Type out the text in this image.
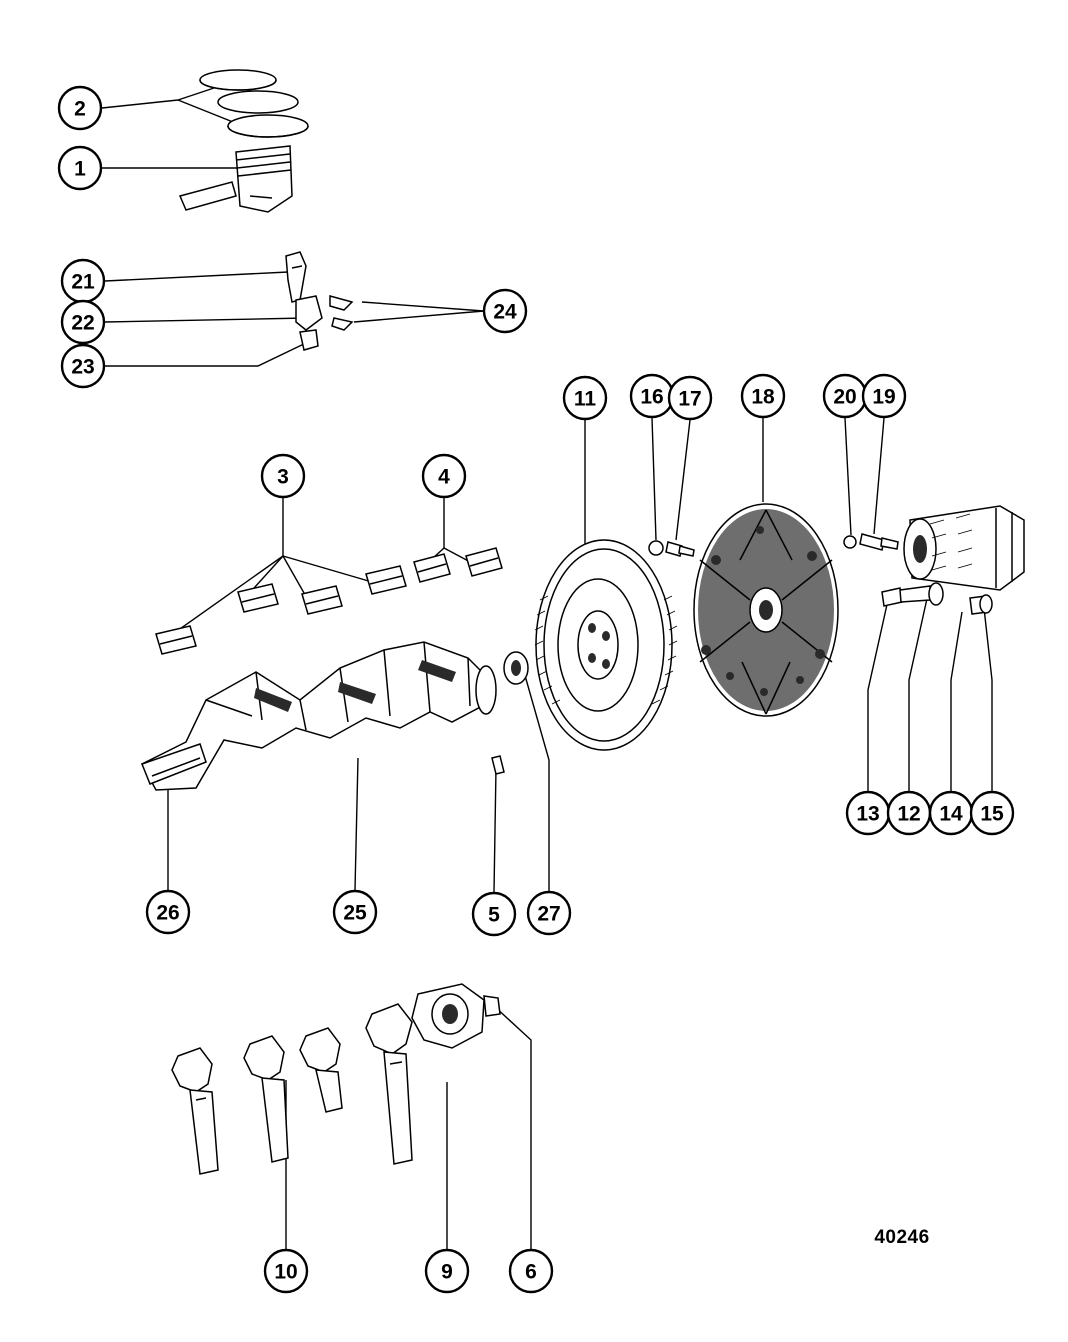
2
1
21
22
23
24
11 16 17 18	20 19
3	4
13 12 14 15
26	25	5 27
10	9	6
40246
